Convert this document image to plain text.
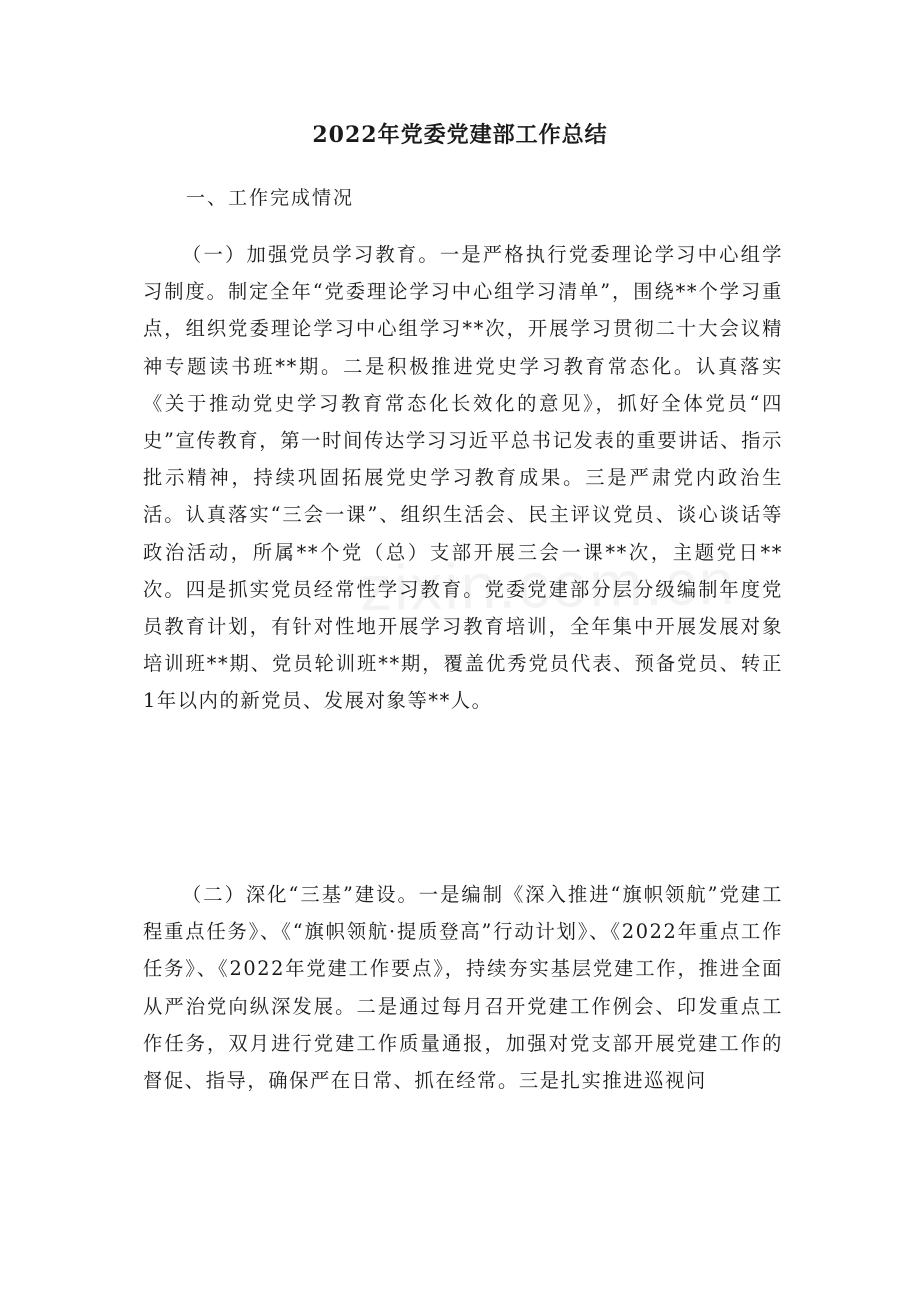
2022年党委党建部工作总结
一、工作完成情况

（一）加强党员学习教育。一是严格执行党委理论学习中心组学习制度。制定全年“党委理论学习中心组学习清单”，围绕**个学习重点，组织党委理论学习中心组学习**次，开展学习贯彻二十大会议精神专题读书班**期。二是积极推进党史学习教育常态化。认真落实《关于推动党史学习教育常态化长效化的意见》，抓好全体党员“四史”宣传教育，第一时间传达学习习近平总书记发表的重要讲话、指示批示精神，持续巩固拓展党史学习教育成果。三是严肃党内政治生活。认真落实“三会一课”、组织生活会、民主评议党员、谈心谈话等政治活动，所属**个党（总）支部开展三会一课**次，主题党日**次。四是抓实党员经常性学习教育。党委党建部分层分级编制年度党员教育计划，有针对性地开展学习教育培训，全年集中开展发展对象培训班**期、党员轮训班**期，覆盖优秀党员代表、预备党员、转正1年以内的新党员、发展对象等**人。

（二）深化“三基”建设。一是编制《深入推进“旗帜领航”党建工程重点任务》、《“旗帜领航·提质登高”行动计划》、《2022年重点工作任务》、《2022年党建工作要点》，持续夯实基层党建工作，推进全面从严治党向纵深发展。二是通过每月召开党建工作例会、印发重点工作任务，双月进行党建工作质量通报，加强对党支部开展党建工作的督促、指导，确保严在日常、抓在经常。三是扎实推进巡视问
